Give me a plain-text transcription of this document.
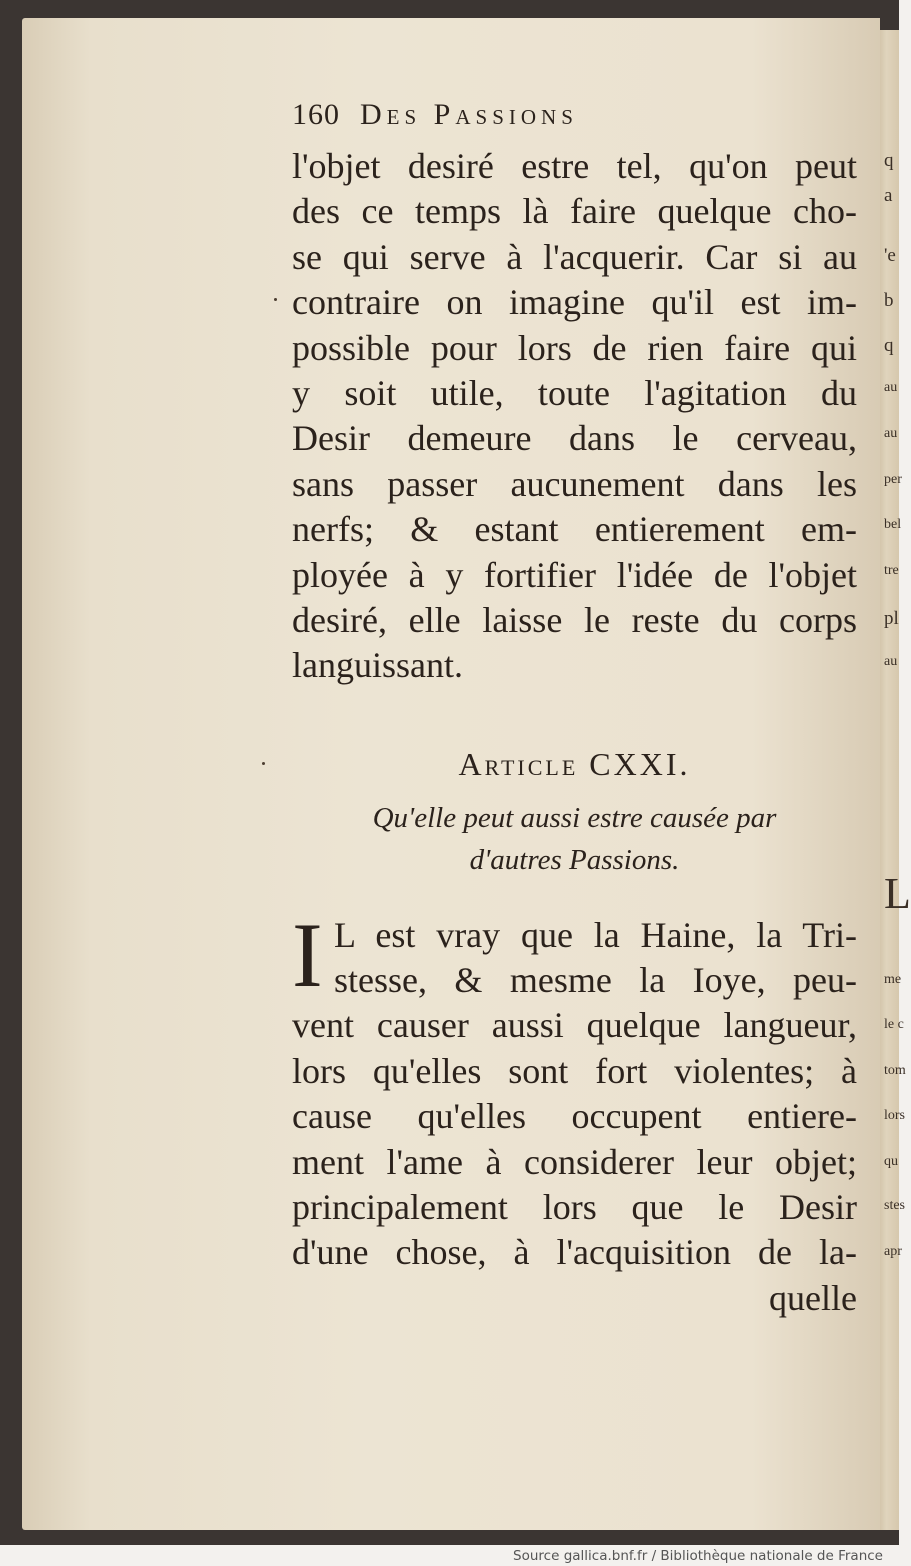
q
a
'e
b
q
au
au
per
bel
tre
pl
au
L
me
le c
tom
lors
qu
stes
apr
160 Des Passions
l'objet desiré estre tel, qu'on peut
des ce temps là faire quelque cho-
se qui serve à l'acquerir. Car si au
contraire on imagine qu'il est im-
possible pour lors de rien faire qui
y soit utile, toute l'agitation du
Desir demeure dans le cerveau,
sans passer aucunement dans les
nerfs; & estant entierement em-
ployée à y fortifier l'idée de l'objet
desiré, elle laisse le reste du corps
languissant.
Article CXXI.
Qu'elle peut aussi estre causée par
d'autres Passions.
I L est vray que la Haine, la Tri-
stesse, & mesme la Ioye, peu-
vent causer aussi quelque langueur,
lors qu'elles sont fort violentes; à
cause qu'elles occupent entiere-
ment l'ame à considerer leur objet;
principalement lors que le Desir
d'une chose, à l'acquisition de la-
quelle
Source gallica.bnf.fr / Bibliothèque nationale de France
